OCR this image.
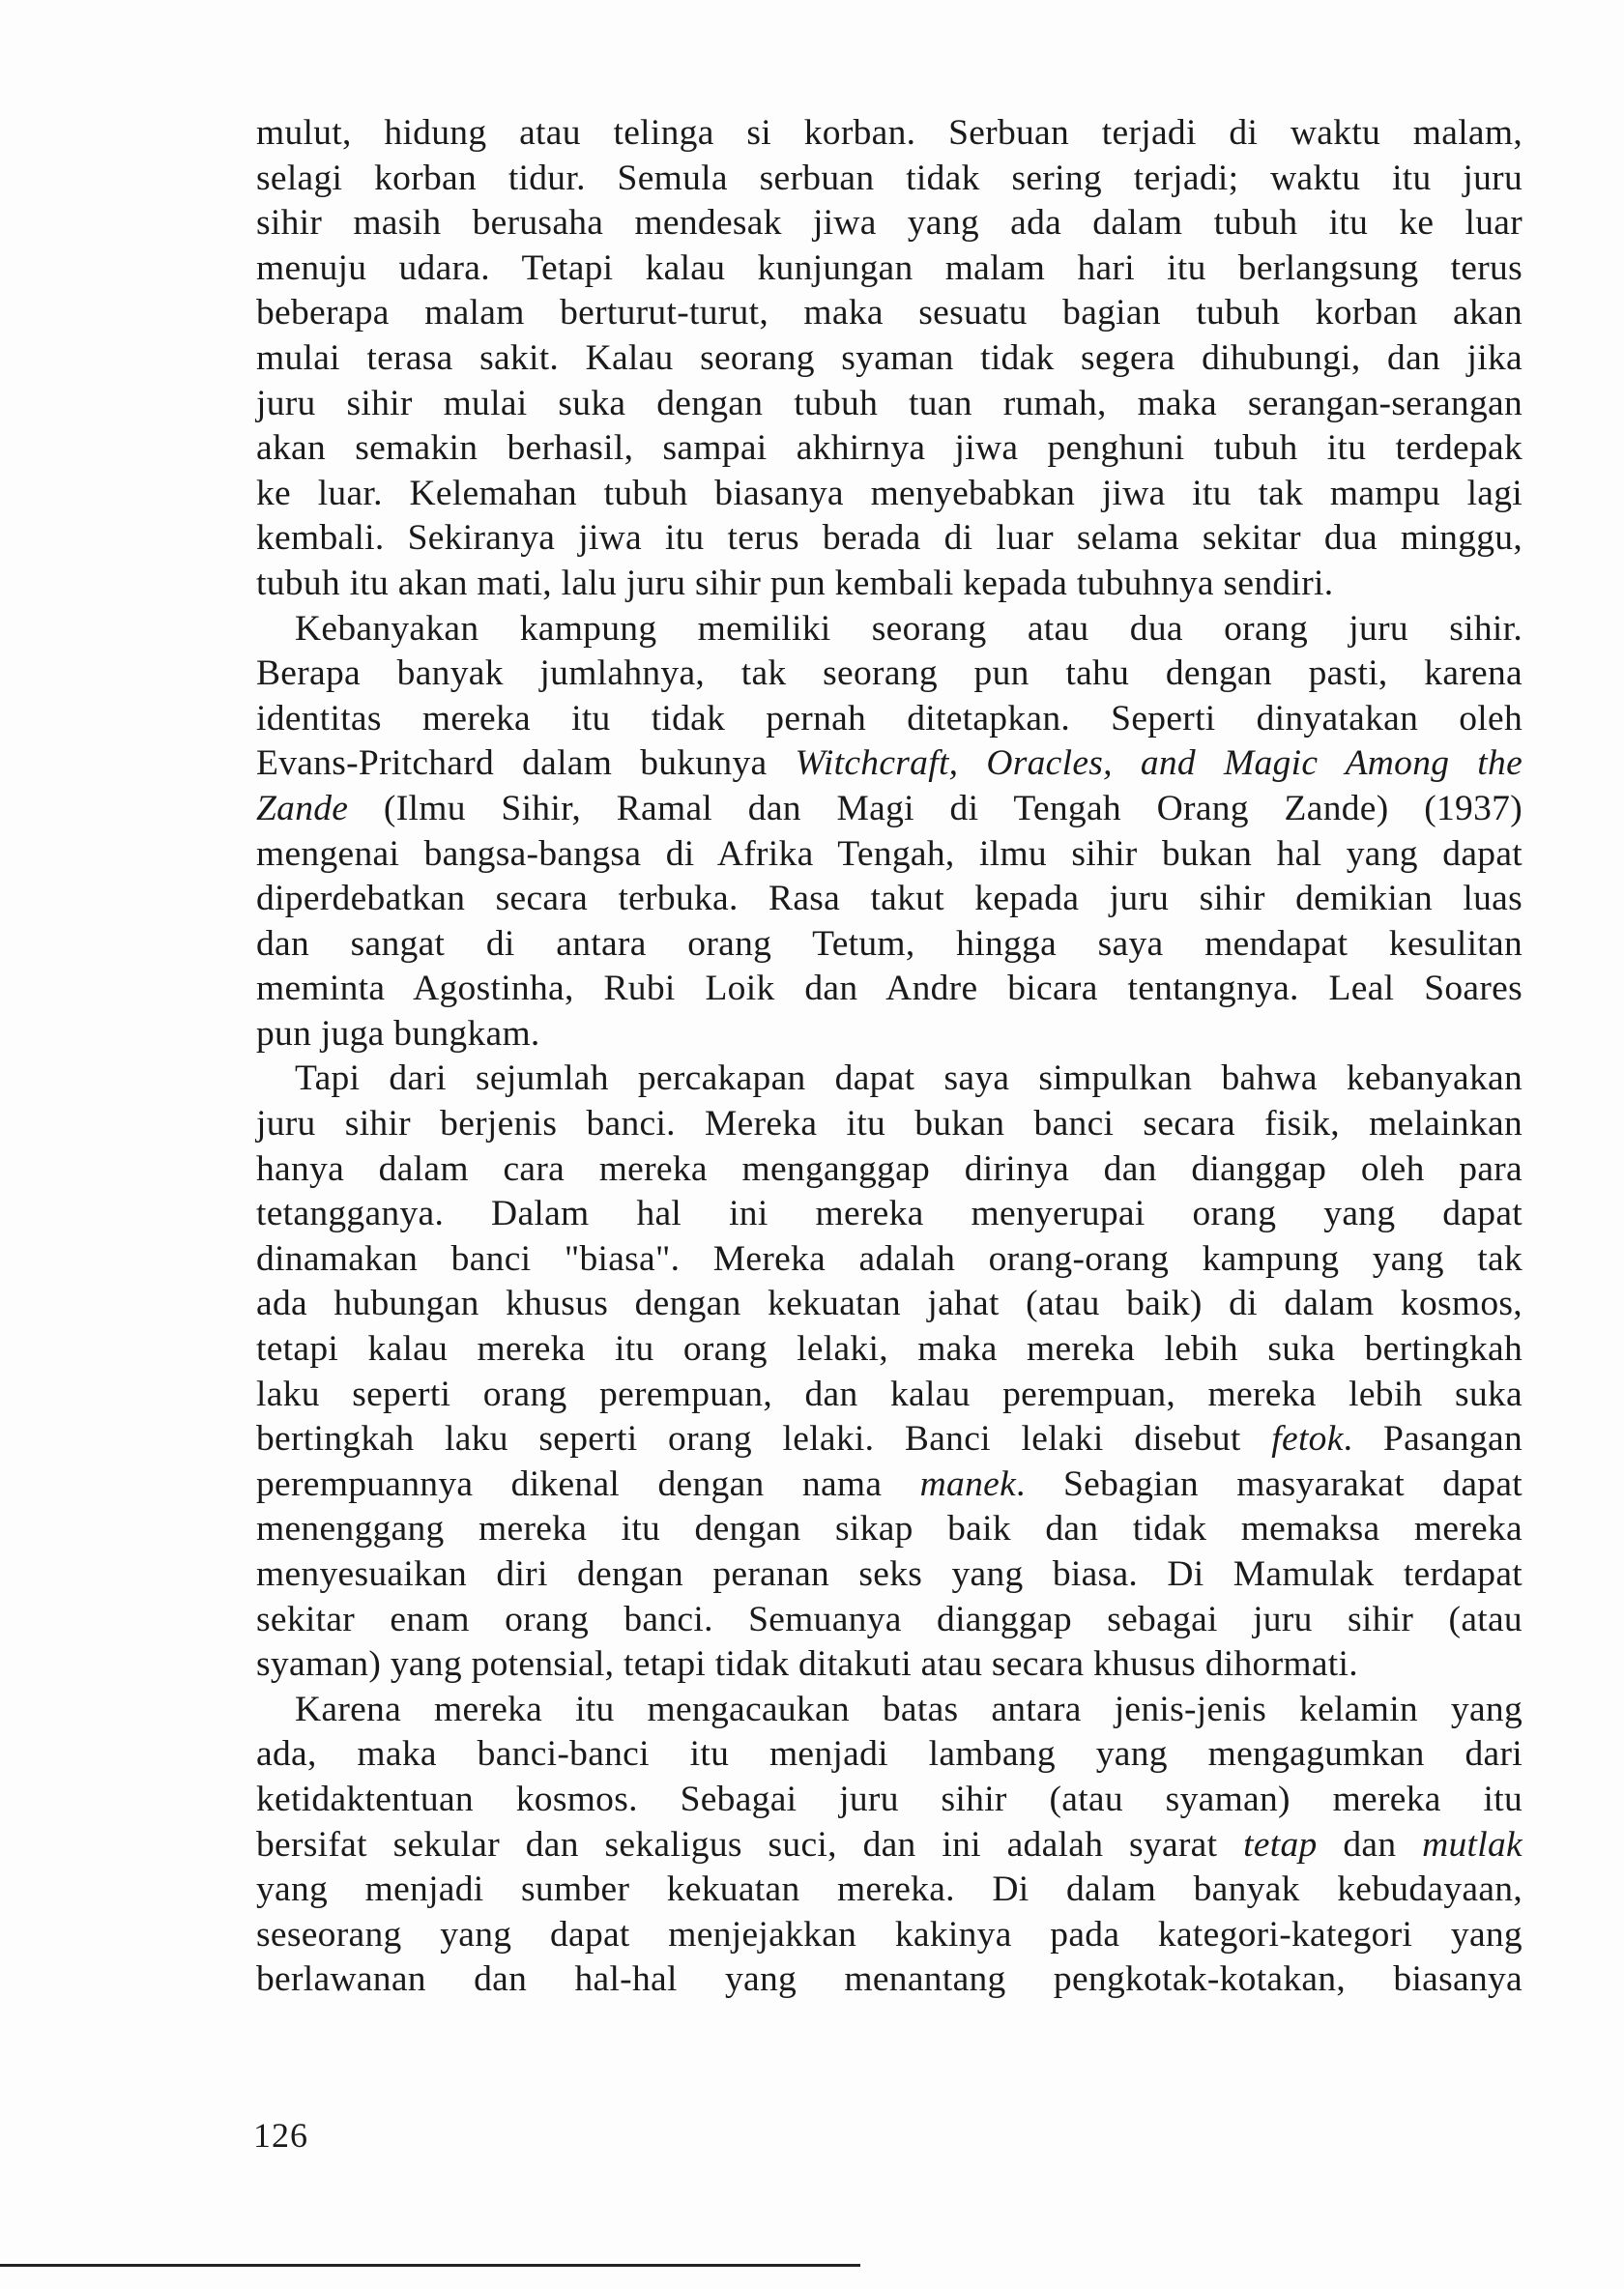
mulut, hidung atau telinga si korban. Serbuan terjadi di waktu malam,
selagi korban tidur. Semula serbuan tidak sering terjadi; waktu itu juru
sihir masih berusaha mendesak jiwa yang ada dalam tubuh itu ke luar
menuju udara. Tetapi kalau kunjungan malam hari itu berlangsung terus
beberapa malam berturut-turut, maka sesuatu bagian tubuh korban akan
mulai terasa sakit. Kalau seorang syaman tidak segera dihubungi, dan jika
juru sihir mulai suka dengan tubuh tuan rumah, maka serangan-serangan
akan semakin berhasil, sampai akhirnya jiwa penghuni tubuh itu terdepak
ke luar. Kelemahan tubuh biasanya menyebabkan jiwa itu tak mampu lagi
kembali. Sekiranya jiwa itu terus berada di luar selama sekitar dua minggu,
tubuh itu akan mati, lalu juru sihir pun kembali kepada tubuhnya sendiri.
Kebanyakan kampung memiliki seorang atau dua orang juru sihir.
Berapa banyak jumlahnya, tak seorang pun tahu dengan pasti, karena
identitas mereka itu tidak pernah ditetapkan. Seperti dinyatakan oleh
Evans-Pritchard dalam bukunya Witchcraft, Oracles, and Magic Among the
Zande (Ilmu Sihir, Ramal dan Magi di Tengah Orang Zande) (1937)
mengenai bangsa-bangsa di Afrika Tengah, ilmu sihir bukan hal yang dapat
diperdebatkan secara terbuka. Rasa takut kepada juru sihir demikian luas
dan sangat di antara orang Tetum, hingga saya mendapat kesulitan
meminta Agostinha, Rubi Loik dan Andre bicara tentangnya. Leal Soares
pun juga bungkam.
Tapi dari sejumlah percakapan dapat saya simpulkan bahwa kebanyakan
juru sihir berjenis banci. Mereka itu bukan banci secara fisik, melainkan
hanya dalam cara mereka menganggap dirinya dan dianggap oleh para
tetangganya. Dalam hal ini mereka menyerupai orang yang dapat
dinamakan banci "biasa". Mereka adalah orang-orang kampung yang tak
ada hubungan khusus dengan kekuatan jahat (atau baik) di dalam kosmos,
tetapi kalau mereka itu orang lelaki, maka mereka lebih suka bertingkah
laku seperti orang perempuan, dan kalau perempuan, mereka lebih suka
bertingkah laku seperti orang lelaki. Banci lelaki disebut fetok. Pasangan
perempuannya dikenal dengan nama manek. Sebagian masyarakat dapat
menenggang mereka itu dengan sikap baik dan tidak memaksa mereka
menyesuaikan diri dengan peranan seks yang biasa. Di Mamulak terdapat
sekitar enam orang banci. Semuanya dianggap sebagai juru sihir (atau
syaman) yang potensial, tetapi tidak ditakuti atau secara khusus dihormati.
Karena mereka itu mengacaukan batas antara jenis-jenis kelamin yang
ada, maka banci-banci itu menjadi lambang yang mengagumkan dari
ketidaktentuan kosmos. Sebagai juru sihir (atau syaman) mereka itu
bersifat sekular dan sekaligus suci, dan ini adalah syarat tetap dan mutlak
yang menjadi sumber kekuatan mereka. Di dalam banyak kebudayaan,
seseorang yang dapat menjejakkan kakinya pada kategori-kategori yang
berlawanan dan hal-hal yang menantang pengkotak-kotakan, biasanya
126
